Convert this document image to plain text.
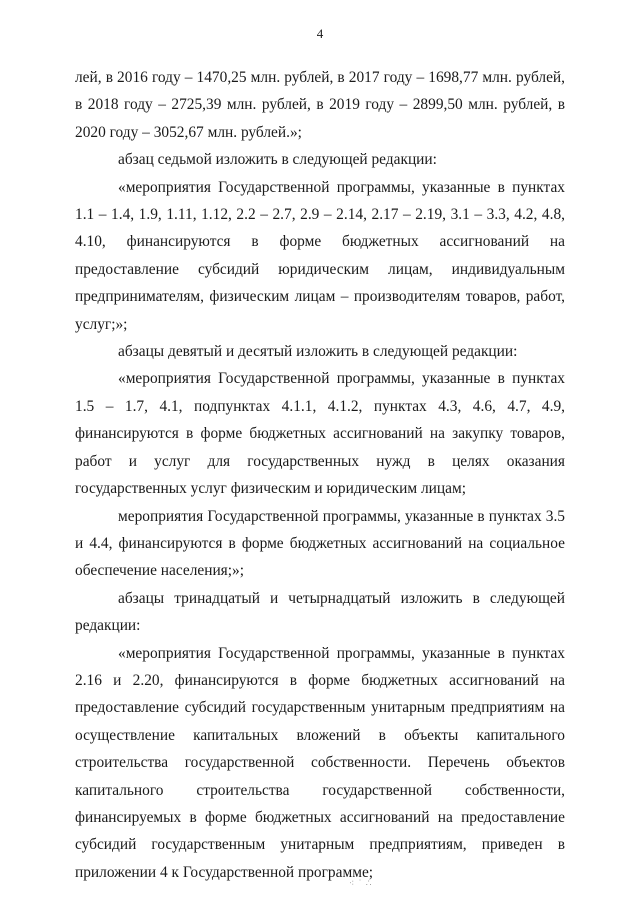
4

лей, в 2016 году – 1470,25 млн. рублей, в 2017 году – 1698,77 млн. рублей, в 2018 году – 2725,39 млн. рублей, в 2019 году – 2899,50 млн. рублей, в 2020 году – 3052,67 млн. рублей.»;

абзац седьмой изложить в следующей редакции:

«мероприятия Государственной программы, указанные в пунктах 1.1 – 1.4, 1.9, 1.11, 1.12, 2.2 – 2.7, 2.9 – 2.14, 2.17 – 2.19, 3.1 – 3.3, 4.2, 4.8, 4.10, финансируются в форме бюджетных ассигнований на предоставление субсидий юридическим лицам, индивидуальным предпринимателям, физическим лицам – производителям товаров, работ, услуг;»;

абзацы девятый и десятый изложить в следующей редакции:

«мероприятия Государственной программы, указанные в пунктах 1.5 – 1.7, 4.1, подпунктах 4.1.1, 4.1.2, пунктах 4.3, 4.6, 4.7, 4.9, финансируются в форме бюджетных ассигнований на закупку товаров, работ и услуг для государственных нужд в целях оказания государственных услуг физическим и юридическим лицам;

мероприятия Государственной программы, указанные в пунктах 3.5 и 4.4, финансируются в форме бюджетных ассигнований на социальное обеспечение населения;»;

абзацы тринадцатый и четырнадцатый изложить в следующей редакции:

«мероприятия Государственной программы, указанные в пунктах 2.16 и 2.20, финансируются в форме бюджетных ассигнований на предоставление субсидий государственным унитарным предприятиям на осуществление капитальных вложений в объекты капитального строительства государственной собственности. Перечень объектов капитального строительства государственной собственности, финансируемых в форме бюджетных ассигнований на предоставление субсидий государственным унитарным предприятиям, приведен в приложении 4 к Государственной программе;

⁖ ˙ ∴
